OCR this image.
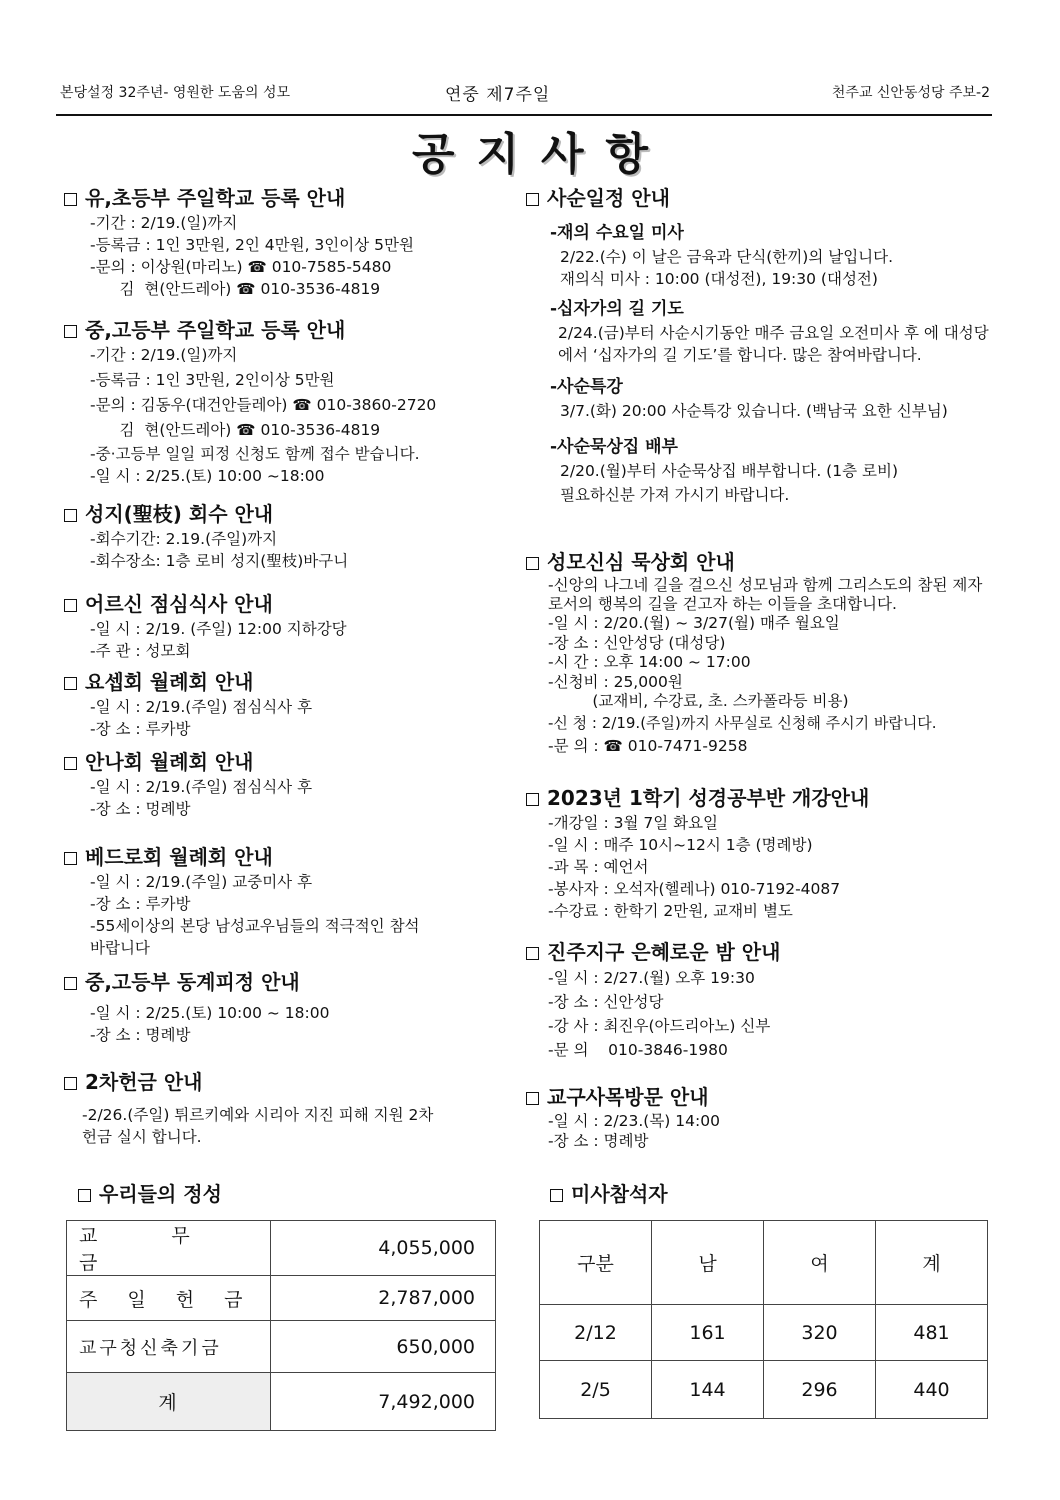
본당설정 32주년- 영원한 도움의 성모	연중 제7주일	천주교 신안동성당 주보-2
공지사항
유,초등부 주일학교 등록 안내
-기간 : 2/19.(일)까지
-등록금 : 1인 3만원, 2인 4만원, 3인이상 5만원
-문의 : 이상원(마리노) ☎ 010-7585-5480
김  현(안드레아) ☎ 010-3536-4819
중,고등부 주일학교 등록 안내
-기간 : 2/19.(일)까지
-등록금 : 1인 3만원, 2인이상 5만원
-문의 : 김동우(대건안들레아) ☎ 010-3860-2720
김  현(안드레아) ☎ 010-3536-4819
-중‧고등부 일일 피정 신청도 함께 접수 받습니다.
-일 시 : 2/25.(토) 10:00 ~18:00
성지(聖枝) 회수 안내
-회수기간: 2.19.(주일)까지
-회수장소: 1층 로비 성지(聖枝)바구니
어르신 점심식사 안내
-일 시 : 2/19. (주일) 12:00 지하강당
-주 관 : 성모회
요셉회 월례회 안내
-일 시 : 2/19.(주일) 점심식사 후
-장 소 : 루카방
안나회 월례회 안내
-일 시 : 2/19.(주일) 점심식사 후
-장 소 : 멍례방
베드로회 월례회 안내
-일 시 : 2/19.(주일) 교중미사 후
-장 소 : 루카방
-55세이상의 본당 남성교우님들의 적극적인 참석
바랍니다
중,고등부 동계피정 안내
-일 시 : 2/25.(토) 10:00 ~ 18:00
-장 소 : 명례방
2차헌금 안내
-2/26.(주일) 튀르키예와 시리아 지진 피해 지원 2차
헌금 실시 합니다.
사순일정 안내
-재의 수요일 미사
2/22.(수) 이 날은 금육과 단식(한끼)의 날입니다.
재의식 미사 : 10:00 (대성전), 19:30 (대성전)
-십자가의 길 기도
2/24.(금)부터 사순시기동안 매주 금요일 오전미사 후 에 대성당에서 ‘십자가의 길 기도’를 합니다. 많은 참여바랍니다.
-사순특강
3/7.(화) 20:00 사순특강 있습니다. (백남국 요한 신부님)
-사순묵상집 배부
2/20.(월)부터 사순묵상집 배부합니다. (1층 로비)
필요하신분 가져 가시기 바랍니다.
성모신심 묵상회 안내
-신앙의 나그네 길을 걸으신 성모님과 함께 그리스도의 참된 제자로서의 행복의 길을 걷고자 하는 이들을 초대합니다.
-일 시 : 2/20.(월) ~ 3/27(월) 매주 월요일
-장 소 : 신안성당 (대성당)
-시 간 : 오후 14:00 ~ 17:00
-신청비 : 25,000원
(교재비, 수강료, 초. 스카폴라등 비용)
-신 청 : 2/19.(주일)까지 사무실로 신청해 주시기 바랍니다.
-문 의 : ☎ 010-7471-9258
2023년 1학기 성경공부반 개강안내
-개강일 : 3월 7일 화요일
-일 시 : 매주 10시~12시 1층 (명례방)
-과 목 : 예언서
-봉사자 : 오석자(헬레나) 010-7192-4087
-수강료 : 한학기 2만원, 교재비 별도
진주지구 은혜로운 밤 안내
-일 시 : 2/27.(월) 오후 19:30
-장 소 : 신안성당
-강 사 : 최진우(아드리아노) 신부
-문 의    010-3846-1980
교구사목방문 안내
-일 시 : 2/23.(목) 14:00
-장 소 : 명례방
우리들의 정성
교 무 금	4,055,000
주 일 헌 금	2,787,000
교구청신축기금	650,000
계	7,492,000
미사참석자
구분	남	여	계
2/12	161	320	481
2/5	144	296	440
